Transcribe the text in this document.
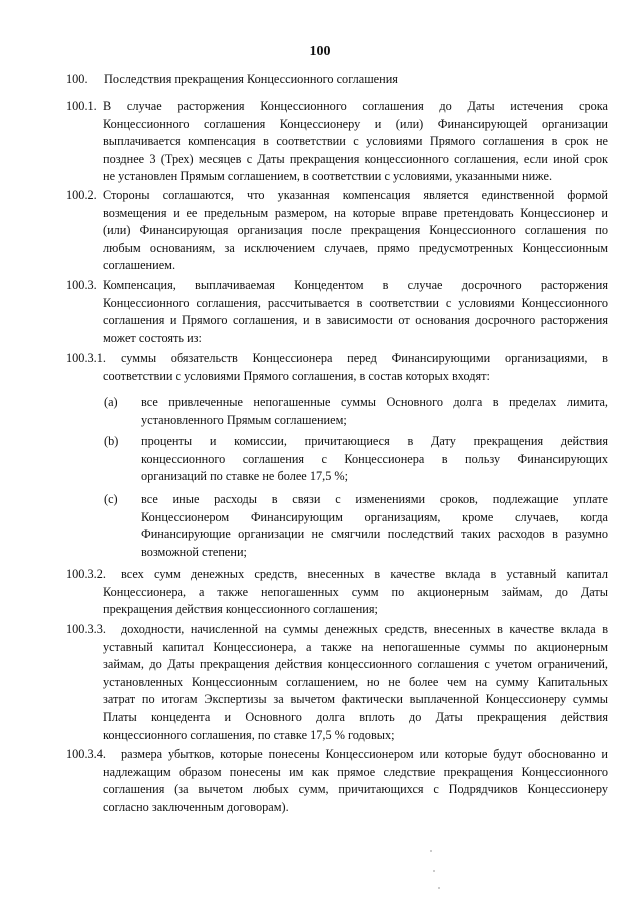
100
100. Последствия прекращения Концессионного соглашения
100.1. В случае расторжения Концессионного соглашения до Даты истечения срока
Концессионного соглашения Концессионеру и (или) Финансирующей организации
выплачивается компенсация в соответствии с условиями Прямого соглашения в срок не
позднее 3 (Трех) месяцев с Даты прекращения концессионного соглашения, если иной срок
не установлен Прямым соглашением, в соответствии с условиями, указанными ниже.
100.2. Стороны соглашаются, что указанная компенсация является единственной формой
возмещения и ее предельным размером, на которые вправе претендовать Концессионер и
(или) Финансирующая организация после прекращения Концессионного соглашения по
любым основаниям, за исключением случаев, прямо предусмотренных Концессионным
соглашением.
100.3. Компенсация, выплачиваемая Концедентом в случае досрочного расторжения
Концессионного соглашения, рассчитывается в соответствии с условиями Концессионного
соглашения и Прямого соглашения, и в зависимости от основания досрочного расторжения
может состоять из:
100.3.1. суммы обязательств Концессионера перед Финансирующими организациями, в
соответствии с условиями Прямого соглашения, в состав которых входят:
(a) все привлеченные непогашенные суммы Основного долга в пределах лимита,
установленного Прямым соглашением;
(b) проценты и комиссии, причитающиеся в Дату прекращения действия
концессионного соглашения с Концессионера в пользу Финансирующих
организаций по ставке не более 17,5 %;
(c) все иные расходы в связи с изменениями сроков, подлежащие уплате
Концессионером Финансирующим организациям, кроме случаев, когда
Финансирующие организации не смягчили последствий таких расходов в разумно
возможной степени;
100.3.2. всех сумм денежных средств, внесенных в качестве вклада в уставный капитал
Концессионера, а также непогашенных сумм по акционерным займам, до Даты
прекращения действия концессионного соглашения;
100.3.3. доходности, начисленной на суммы денежных средств, внесенных в качестве вклада в
уставный капитал Концессионера, а также на непогашенные суммы по акционерным
займам, до Даты прекращения действия концессионного соглашения с учетом ограничений,
установленных Концессионным соглашением, но не более чем на сумму Капитальных
затрат по итогам Экспертизы за вычетом фактически выплаченной Концессионеру суммы
Платы концедента и Основного долга вплоть до Даты прекращения действия
концессионного соглашения, по ставке 17,5 % годовых;
100.3.4. размера убытков, которые понесены Концессионером или которые будут обоснованно и
надлежащим образом понесены им как прямое следствие прекращения Концессионного
соглашения (за вычетом любых сумм, причитающихся с Подрядчиков Концессионеру
согласно заключенным договорам).
